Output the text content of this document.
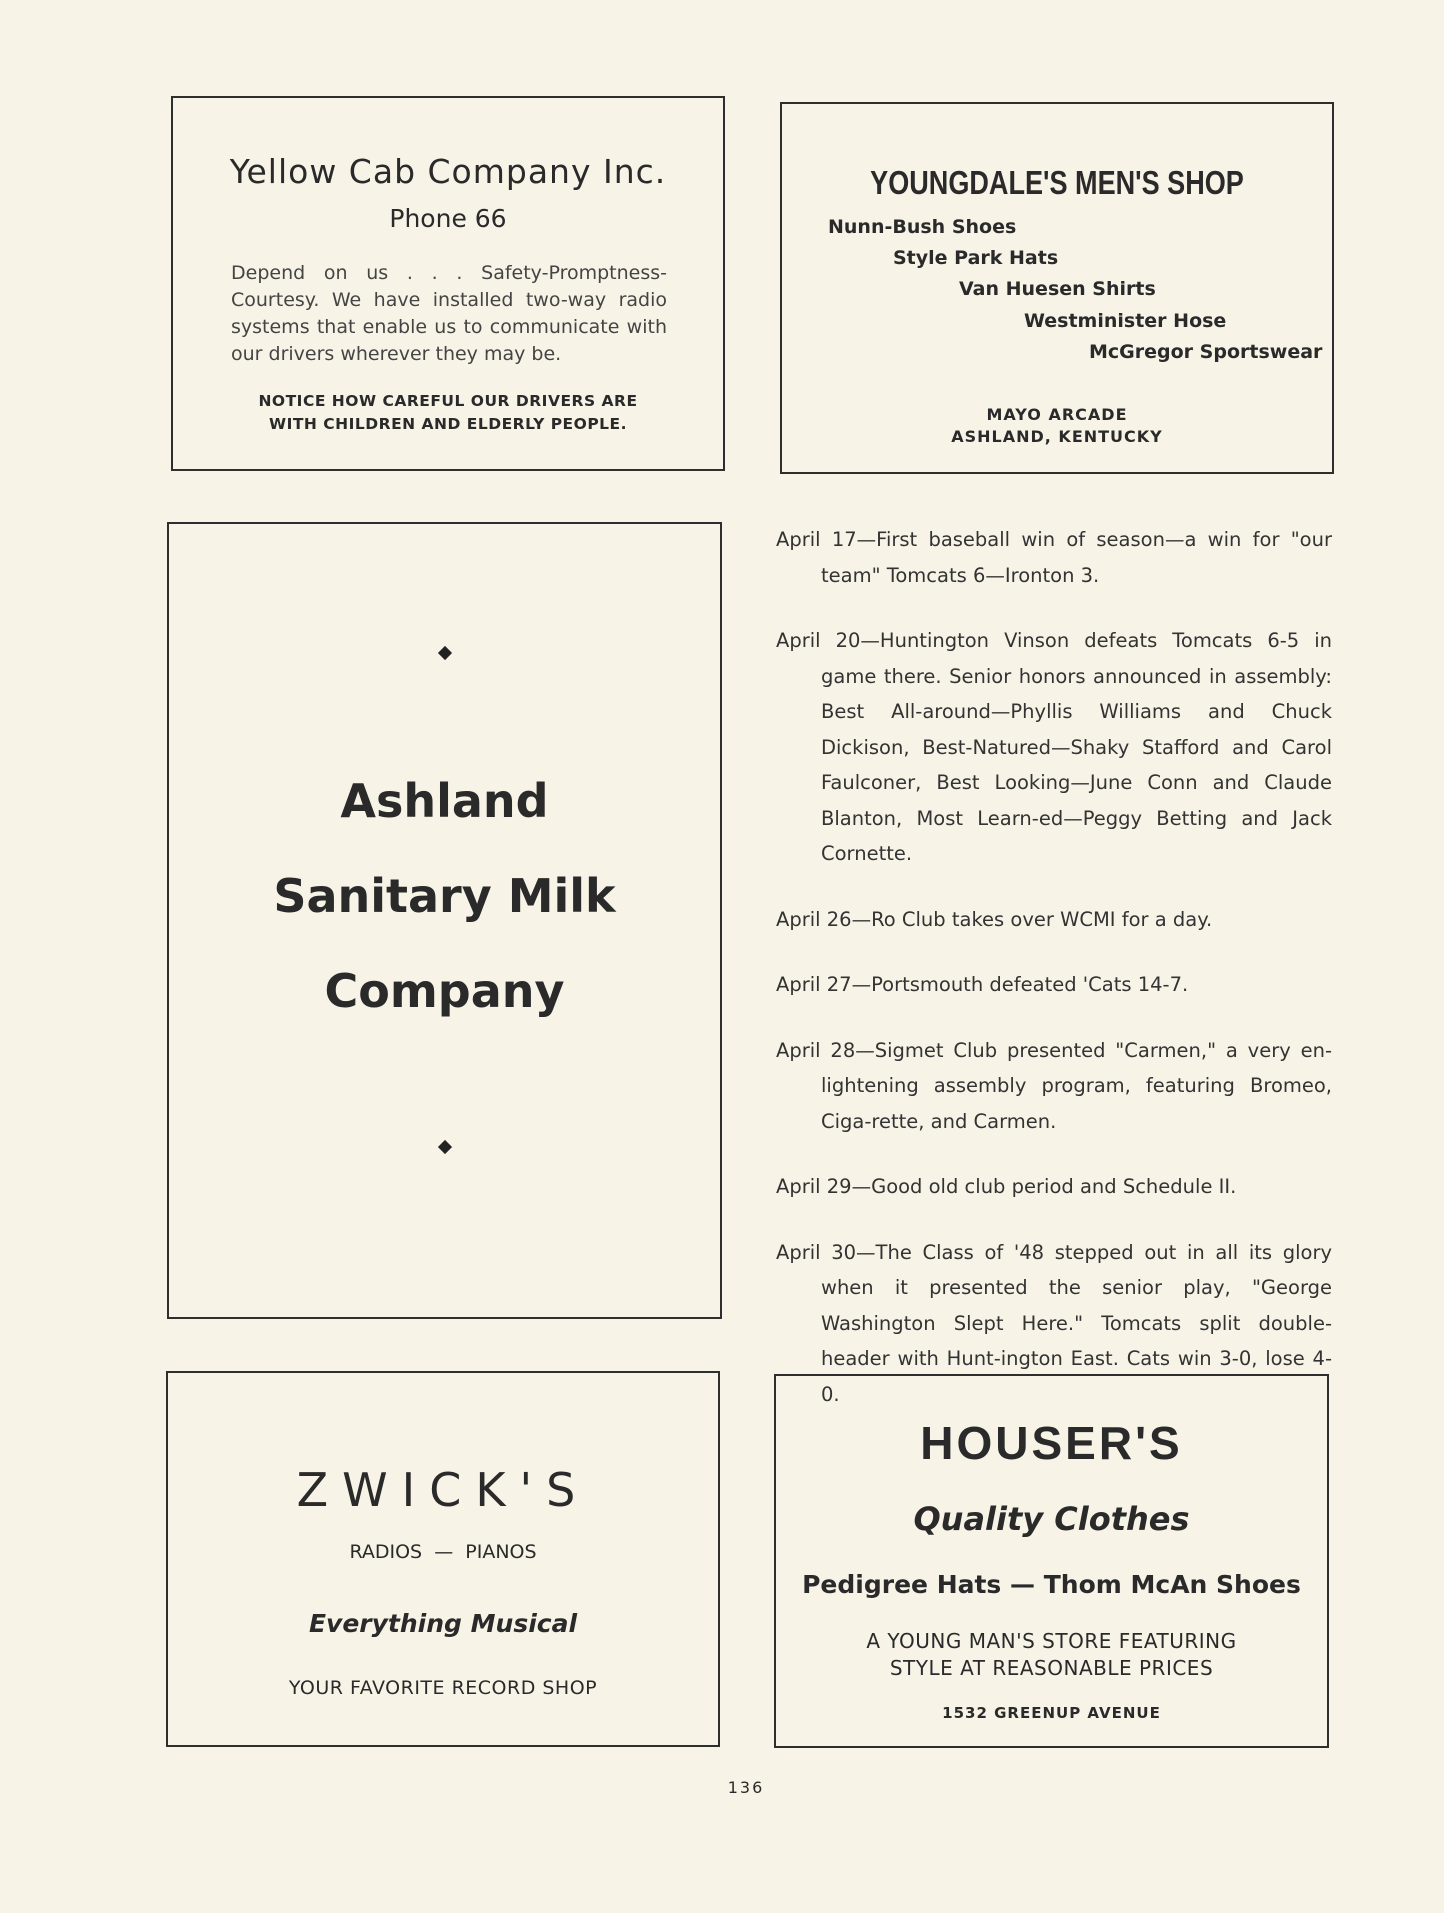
Yellow Cab Company Inc.
Phone 66
Depend on us . . . Safety-Promptness-Courtesy. We have installed two-way radio systems that enable us to communicate with our drivers wherever they may be.
NOTICE HOW CAREFUL OUR DRIVERS ARE
WITH CHILDREN AND ELDERLY PEOPLE.
YOUNGDALE'S MEN'S SHOP
Nunn-Bush Shoes
Style Park Hats
Van Huesen Shirts
Westminister Hose
McGregor Sportswear
MAYO ARCADE
ASHLAND, KENTUCKY
Ashland
Sanitary Milk
Company

April 17—First baseball win of season—a win for "our team" Tomcats 6—Ironton 3.

April 20—Huntington Vinson defeats Tomcats 6-5 in game there. Senior honors announced in assembly: Best All-around—Phyllis Williams and Chuck Dickison, Best-Natured—Shaky Stafford and Carol Faulconer, Best Looking—June Conn and Claude Blanton, Most Learn-ed—Peggy Betting and Jack Cornette.

April 26—Ro Club takes over WCMI for a day.

April 27—Portsmouth defeated 'Cats 14-7.

April 28—Sigmet Club presented "Carmen," a very en-lightening assembly program, featuring Bromeo, Ciga-rette, and Carmen.

April 29—Good old club period and Schedule II.

April 30—The Class of '48 stepped out in all its glory when it presented the senior play, "George Washington Slept Here." Tomcats split double-header with Hunt-ington East. Cats win 3-0, lose 4-0.

ZWICK'S
RADIOS  —  PIANOS
Everything Musical
YOUR FAVORITE RECORD SHOP
HOUSER'S
Quality Clothes
Pedigree Hats — Thom McAn Shoes
A YOUNG MAN'S STORE FEATURING
STYLE AT REASONABLE PRICES
1532 GREENUP AVENUE
136
